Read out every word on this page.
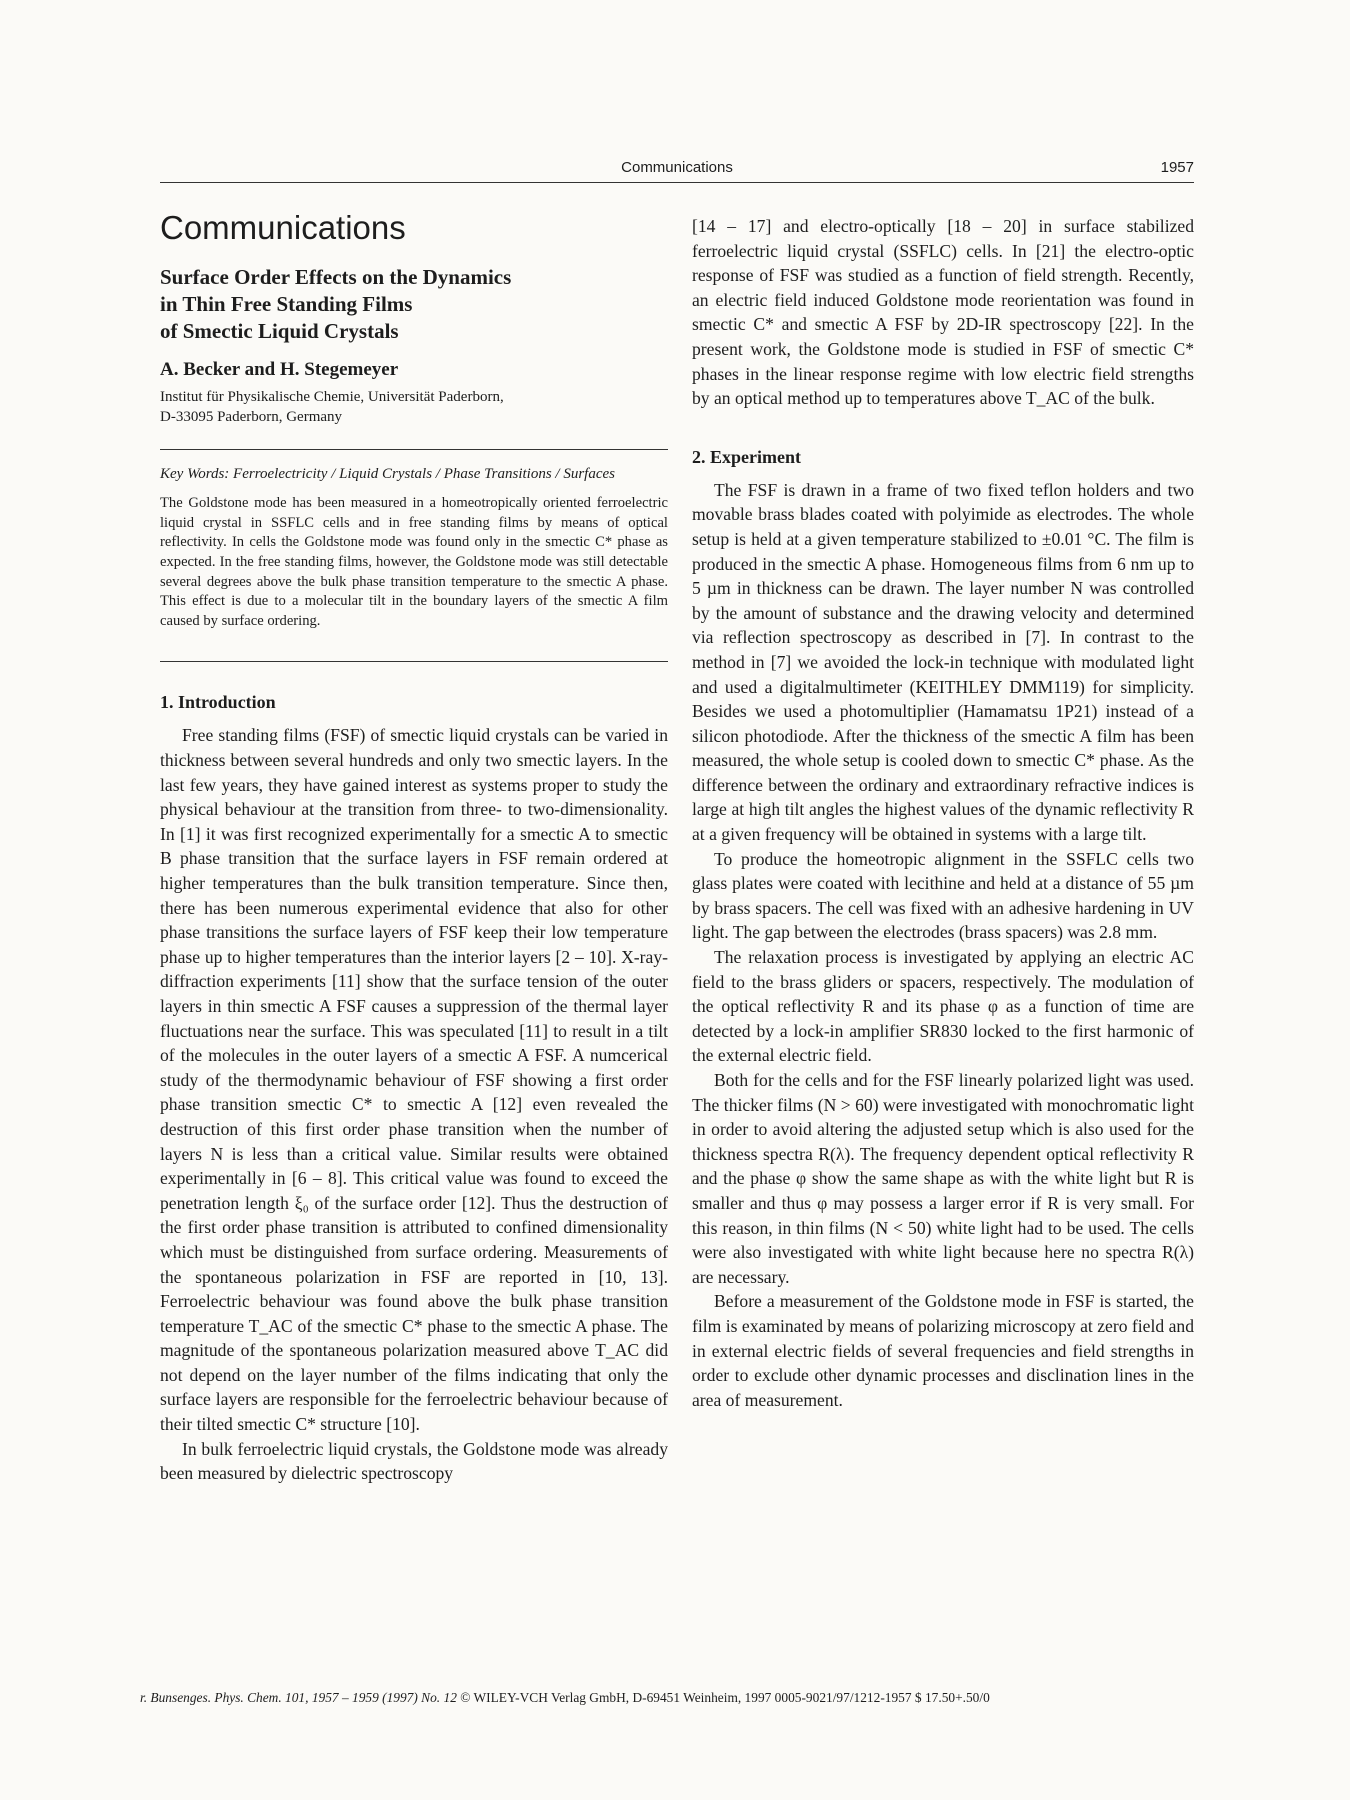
Communications	1957
Communications
Surface Order Effects on the Dynamics
in Thin Free Standing Films
of Smectic Liquid Crystals
A. Becker and H. Stegemeyer
Institut für Physikalische Chemie, Universität Paderborn,
D-33095 Paderborn, Germany

Key Words: Ferroelectricity / Liquid Crystals / Phase Transitions / Surfaces

The Goldstone mode has been measured in a homeotropically oriented ferroelectric liquid crystal in SSFLC cells and in free standing films by means of optical reflectivity. In cells the Goldstone mode was found only in the smectic C* phase as expected. In the free standing films, however, the Goldstone mode was still detectable several degrees above the bulk phase transition temperature to the smectic A phase. This effect is due to a molecular tilt in the boundary layers of the smectic A film caused by surface ordering.

1. Introduction

Free standing films (FSF) of smectic liquid crystals can be varied in thickness between several hundreds and only two smectic layers. In the last few years, they have gained interest as systems proper to study the physical behaviour at the transition from three- to two-dimensionality. In [1] it was first recognized experimentally for a smectic A to smectic B phase transition that the surface layers in FSF remain ordered at higher temperatures than the bulk transition temperature. Since then, there has been numerous experimental evidence that also for other phase transitions the surface layers of FSF keep their low temperature phase up to higher temperatures than the interior layers [2 – 10]. X-ray-diffraction experiments [11] show that the surface tension of the outer layers in thin smectic A FSF causes a suppression of the thermal layer fluctuations near the surface. This was speculated [11] to result in a tilt of the molecules in the outer layers of a smectic A FSF. A numcerical study of the thermodynamic behaviour of FSF showing a first order phase transition smectic C* to smectic A [12] even revealed the destruction of this first order phase transition when the number of layers N is less than a critical value. Similar results were obtained experimentally in [6 – 8]. This critical value was found to exceed the penetration length ξ₀ of the surface order [12]. Thus the destruction of the first order phase transition is attributed to confined dimensionality which must be distinguished from surface ordering. Measurements of the spontaneous polarization in FSF are reported in [10, 13]. Ferroelectric behaviour was found above the bulk phase transition temperature T_AC of the smectic C* phase to the smectic A phase. The magnitude of the spontaneous polarization measured above T_AC did not depend on the layer number of the films indicating that only the surface layers are responsible for the ferroelectric behaviour because of their tilted smectic C* structure [10].

In bulk ferroelectric liquid crystals, the Goldstone mode was already been measured by dielectric spectroscopy

[14 – 17] and electro-optically [18 – 20] in surface stabilized ferroelectric liquid crystal (SSFLC) cells. In [21] the electro-optic response of FSF was studied as a function of field strength. Recently, an electric field induced Goldstone mode reorientation was found in smectic C* and smectic A FSF by 2D-IR spectroscopy [22]. In the present work, the Goldstone mode is studied in FSF of smectic C* phases in the linear response regime with low electric field strengths by an optical method up to temperatures above T_AC of the bulk.

2. Experiment

The FSF is drawn in a frame of two fixed teflon holders and two movable brass blades coated with polyimide as electrodes. The whole setup is held at a given temperature stabilized to ±0.01 °C. The film is produced in the smectic A phase. Homogeneous films from 6 nm up to 5 µm in thickness can be drawn. The layer number N was controlled by the amount of substance and the drawing velocity and determined via reflection spectroscopy as described in [7]. In contrast to the method in [7] we avoided the lock-in technique with modulated light and used a digitalmultimeter (KEITHLEY DMM119) for simplicity. Besides we used a photomultiplier (Hamamatsu 1P21) instead of a silicon photodiode. After the thickness of the smectic A film has been measured, the whole setup is cooled down to smectic C* phase. As the difference between the ordinary and extraordinary refractive indices is large at high tilt angles the highest values of the dynamic reflectivity R at a given frequency will be obtained in systems with a large tilt.

To produce the homeotropic alignment in the SSFLC cells two glass plates were coated with lecithine and held at a distance of 55 µm by brass spacers. The cell was fixed with an adhesive hardening in UV light. The gap between the electrodes (brass spacers) was 2.8 mm.

The relaxation process is investigated by applying an electric AC field to the brass gliders or spacers, respectively. The modulation of the optical reflectivity R and its phase φ as a function of time are detected by a lock-in amplifier SR830 locked to the first harmonic of the external electric field.

Both for the cells and for the FSF linearly polarized light was used. The thicker films (N > 60) were investigated with monochromatic light in order to avoid altering the adjusted setup which is also used for the thickness spectra R(λ). The frequency dependent optical reflectivity R and the phase φ show the same shape as with the white light but R is smaller and thus φ may possess a larger error if R is very small. For this reason, in thin films (N < 50) white light had to be used. The cells were also investigated with white light because here no spectra R(λ) are necessary.

Before a measurement of the Goldstone mode in FSF is started, the film is examinated by means of polarizing microscopy at zero field and in external electric fields of several frequencies and field strengths in order to exclude other dynamic processes and disclination lines in the area of measurement.

r. Bunsenges. Phys. Chem. 101, 1957 – 1959 (1997) No. 12 © WILEY-VCH Verlag GmbH, D-69451 Weinheim, 1997 0005-9021/97/1212-1957 $ 17.50+.50/0
